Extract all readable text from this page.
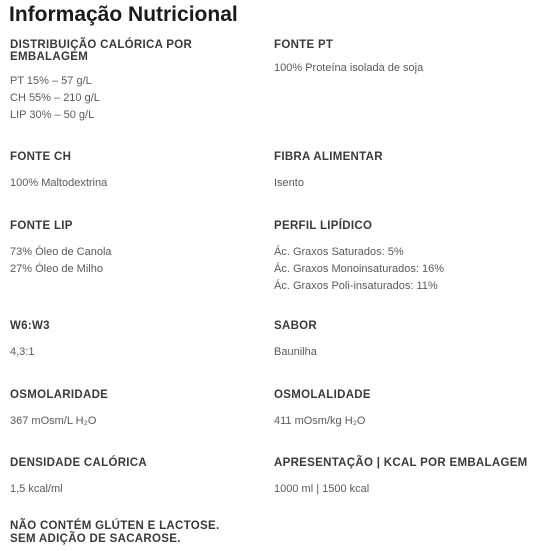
Informação Nutricional
DISTRIBUIÇÃO CALÓRICA POR
EMBALAGEM
PT 15% – 57 g/L
CH 55% – 210 g/L
LIP 30% – 50 g/L
FONTE PT
100% Proteína isolada de soja
FONTE CH
100% Maltodextrina
FIBRA ALIMENTAR
Isento
FONTE LIP
73% Óleo de Canola
27% Óleo de Milho
PERFIL LIPÍDICO
Ác. Graxos Saturados: 5%
Ác. Graxos Monoinsaturados: 16%
Ác. Graxos Poli-insaturados: 11%
W6:W3
4,3:1
SABOR
Baunilha
OSMOLARIDADE
367 mOsm/L H₂O
OSMOLALIDADE
411 mOsm/kg H₂O
DENSIDADE CALÓRICA
1,5 kcal/ml
APRESENTAÇÃO | KCAL POR EMBALAGEM
1000 ml | 1500 kcal
NÃO CONTÉM GLÚTEN E LACTOSE.
SEM ADIÇÃO DE SACAROSE.
